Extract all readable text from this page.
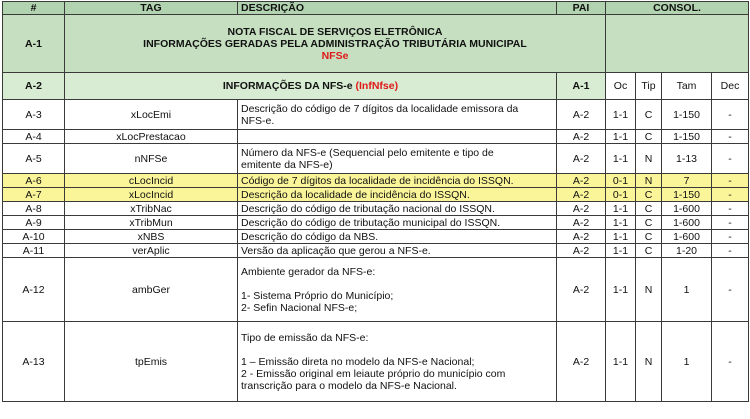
#	TAG	DESCRIÇÃO	PAI	CONSOL.			
A-1	NOTA FISCAL DE SERVIÇOS ELETRÔNICA
INFORMAÇÕES GERADAS PELA ADMINISTRAÇÃO TRIBUTÁRIA MUNICIPAL
NFSe						

A-2	INFORMAÇÕES DA NFS-e (InfNfse)		A-1	Oc	Tip	Tam	Dec
A-3	xLocEmi	Descrição do código de 7 dígitos da localidade emissora da
NFS-e.	A-2	1-1	C	1-150	-
A-4	xLocPrestacao		A-2	1-1	C	1-150	-
A-5	nNFSe	Número da NFS-e (Sequencial pelo emitente e tipo de
emitente da NFS-e)	A-2	1-1	N	1-13	-
A-6	cLocIncid	Código de 7 dígitos da localidade de incidência do ISSQN.	A-2	0-1	N	7	-
A-7	xLocIncid	Descrição da localidade de incidência do ISSQN.	A-2	0-1	C	1-150	-
A-8	xTribNac	Descrição do código de tributação nacional do ISSQN.	A-2	1-1	C	1-600	-
A-9	xTribMun	Descrição do código de tributação municipal do ISSQN.	A-2	1-1	C	1-600	-
A-10	xNBS	Descrição do código da NBS.	A-2	1-1	C	1-600	-
A-11	verAplic	Versão da aplicação que gerou a NFS-e.	A-2	1-1	C	1-20	-
A-12	ambGer	Ambiente gerador da NFS-e:
1- Sistema Próprio do Município;
2- Sefin Nacional NFS-e;	A-2	1-1	N	1	-
A-13	tpEmis	Tipo de emissão da NFS-e:
1 – Emissão direta no modelo da NFS-e Nacional;
2 - Emissão original em leiaute próprio do município com
transcrição para o modelo da NFS-e Nacional.	A-2	1-1	N	1	-
